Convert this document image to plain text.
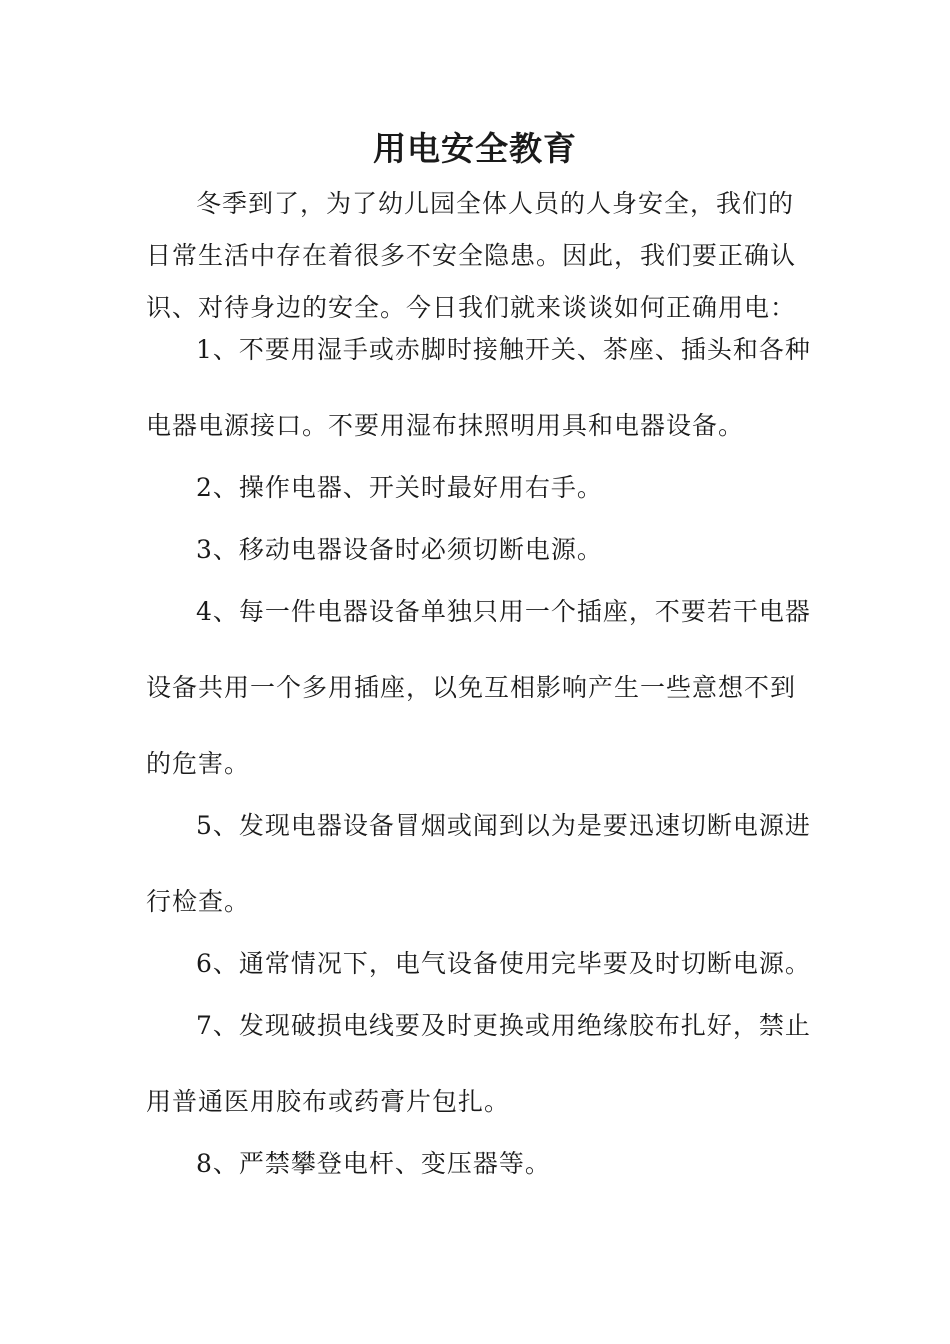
用电安全教育

冬季到了，为了幼儿园全体人员的人身安全，我们的日常生活中存在着很多不安全隐患。因此，我们要正确认识、对待身边的安全。今日我们就来谈谈如何正确用电：

1、不要用湿手或赤脚时接触开关、茶座、插头和各种电器电源接口。不要用湿布抹照明用具和电器设备。

2、操作电器、开关时最好用右手。

3、移动电器设备时必须切断电源。

4、每一件电器设备单独只用一个插座，不要若干电器设备共用一个多用插座，以免互相影响产生一些意想不到的危害。

5、发现电器设备冒烟或闻到以为是要迅速切断电源进行检查。

6、通常情况下，电气设备使用完毕要及时切断电源。

7、发现破损电线要及时更换或用绝缘胶布扎好，禁止用普通医用胶布或药膏片包扎。

8、严禁攀登电杆、变压器等。
